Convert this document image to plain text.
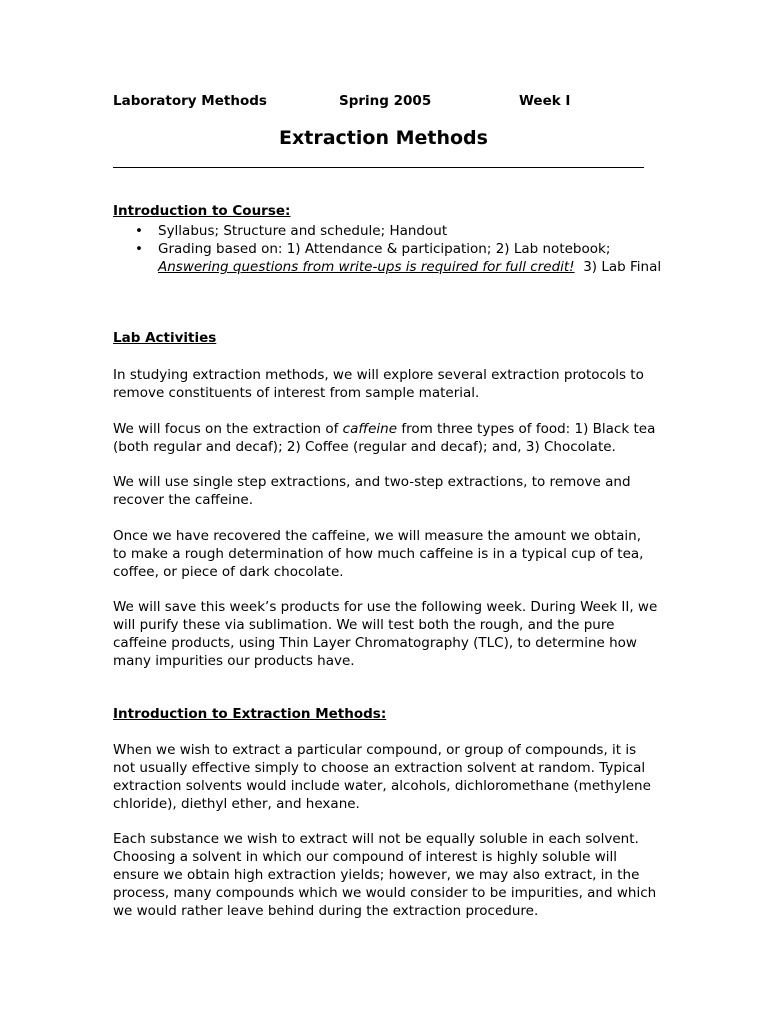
Laboratory Methods	Spring 2005	Week I
Extraction Methods
Introduction to Course:
• Syllabus; Structure and schedule; Handout
• Grading based on: 1) Attendance & participation; 2) Lab notebook;
Answering questions from write-ups is required for full credit! 3) Lab Final
Lab Activities

In studying extraction methods, we will explore several extraction protocols to remove constituents of interest from sample material.

We will focus on the extraction of caffeine from three types of food: 1) Black tea (both regular and decaf); 2) Coffee (regular and decaf); and, 3) Chocolate.

We will use single step extractions, and two-step extractions, to remove and recover the caffeine.

Once we have recovered the caffeine, we will measure the amount we obtain, to make a rough determination of how much caffeine is in a typical cup of tea, coffee, or piece of dark chocolate.

We will save this week’s products for use the following week. During Week II, we will purify these via sublimation. We will test both the rough, and the pure caffeine products, using Thin Layer Chromatography (TLC), to determine how many impurities our products have.

Introduction to Extraction Methods:

When we wish to extract a particular compound, or group of compounds, it is not usually effective simply to choose an extraction solvent at random. Typical extraction solvents would include water, alcohols, dichloromethane (methylene chloride), diethyl ether, and hexane.

Each substance we wish to extract will not be equally soluble in each solvent. Choosing a solvent in which our compound of interest is highly soluble will ensure we obtain high extraction yields; however, we may also extract, in the process, many compounds which we would consider to be impurities, and which we would rather leave behind during the extraction procedure.
